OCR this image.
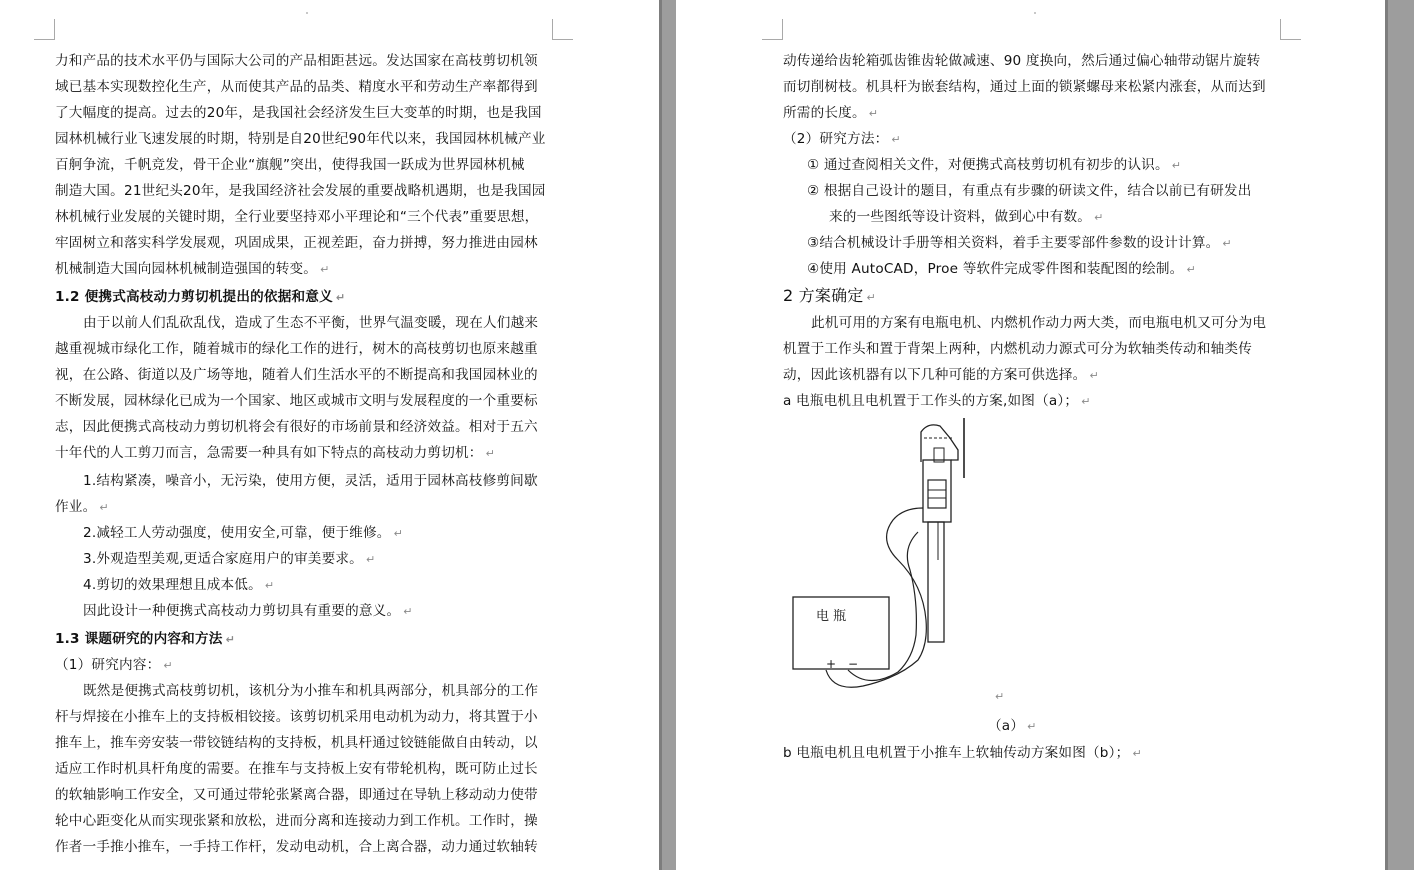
力和产品的技术水平仍与国际大公司的产品相距甚远。发达国家在高枝剪切机领
域已基本实现数控化生产，从而使其产品的品类、精度水平和劳动生产率都得到
了大幅度的提高。过去的20年，是我国社会经济发生巨大变革的时期，也是我国
园林机械行业飞速发展的时期，特别是自20世纪90年代以来，我国园林机械产业
百舸争流，千帆竞发，骨干企业“旗舰”突出，使得我国一跃成为世界园林机械
制造大国。21世纪头20年，是我国经济社会发展的重要战略机遇期，也是我国园
林机械行业发展的关键时期，全行业要坚持邓小平理论和“三个代表”重要思想，
牢固树立和落实科学发展观，巩固成果，正视差距，奋力拼搏，努力推进由园林
机械制造大国向园林机械制造强国的转变。 ↵
1.2 便携式高枝动力剪切机提出的依据和意义 ↵
由于以前人们乱砍乱伐，造成了生态不平衡，世界气温变暖，现在人们越来
越重视城市绿化工作，随着城市的绿化工作的进行，树木的高枝剪切也原来越重
视，在公路、街道以及广场等地，随着人们生活水平的不断提高和我国园林业的
不断发展，园林绿化已成为一个国家、地区或城市文明与发展程度的一个重要标
志，因此便携式高枝动力剪切机将会有很好的市场前景和经济效益。相对于五六
十年代的人工剪刀而言，急需要一种具有如下特点的高枝动力剪切机： ↵
1.结构紧凑，噪音小，无污染，使用方便，灵活，适用于园林高枝修剪间歇
作业。 ↵
2.减轻工人劳动强度，使用安全,可靠，便于维修。 ↵
3.外观造型美观,更适合家庭用户的审美要求。 ↵
4.剪切的效果理想且成本低。 ↵
因此设计一种便携式高枝动力剪切具有重要的意义。 ↵
1.3 课题研究的内容和方法 ↵
（1）研究内容： ↵
既然是便携式高枝剪切机，该机分为小推车和机具两部分，机具部分的工作
杆与焊接在小推车上的支持板相铰接。该剪切机采用电动机为动力，将其置于小
推车上，推车旁安装一带铰链结构的支持板，机具杆通过铰链能做自由转动，以
适应工作时机具杆角度的需要。在推车与支持板上安有带轮机构，既可防止过长
的软轴影响工作安全，又可通过带轮张紧离合器，即通过在导轨上移动动力使带
轮中心距变化从而实现张紧和放松，进而分离和连接动力到工作机。工作时，操
作者一手推小推车，一手持工作杆，发动电动机，合上离合器，动力通过软轴转
动传递给齿轮箱弧齿锥齿轮做减速、90 度换向，然后通过偏心轴带动锯片旋转
而切削树枝。机具杆为嵌套结构，通过上面的锁紧螺母来松紧内涨套，从而达到
所需的长度。 ↵
（2）研究方法： ↵
① 通过查阅相关文件，对便携式高枝剪切机有初步的认识。 ↵
② 根据自己设计的题目，有重点有步骤的研读文件，结合以前已有研发出
来的一些图纸等设计资料，做到心中有数。 ↵
③结合机械设计手册等相关资料，着手主要零部件参数的设计计算。 ↵
④使用 AutoCAD，Proe 等软件完成零件图和装配图的绘制。 ↵
2 方案确定 ↵
此机可用的方案有电瓶电机、内燃机作动力两大类，而电瓶电机又可分为电
机置于工作头和置于背架上两种，内燃机动力源式可分为软轴类传动和轴类传
动，因此该机器有以下几种可能的方案可供选择。 ↵
a 电瓶电机且电机置于工作头的方案,如图（a）； ↵
电 瓶
+ −
↵
（a） ↵
b 电瓶电机且电机置于小推车上软轴传动方案如图（b）； ↵
